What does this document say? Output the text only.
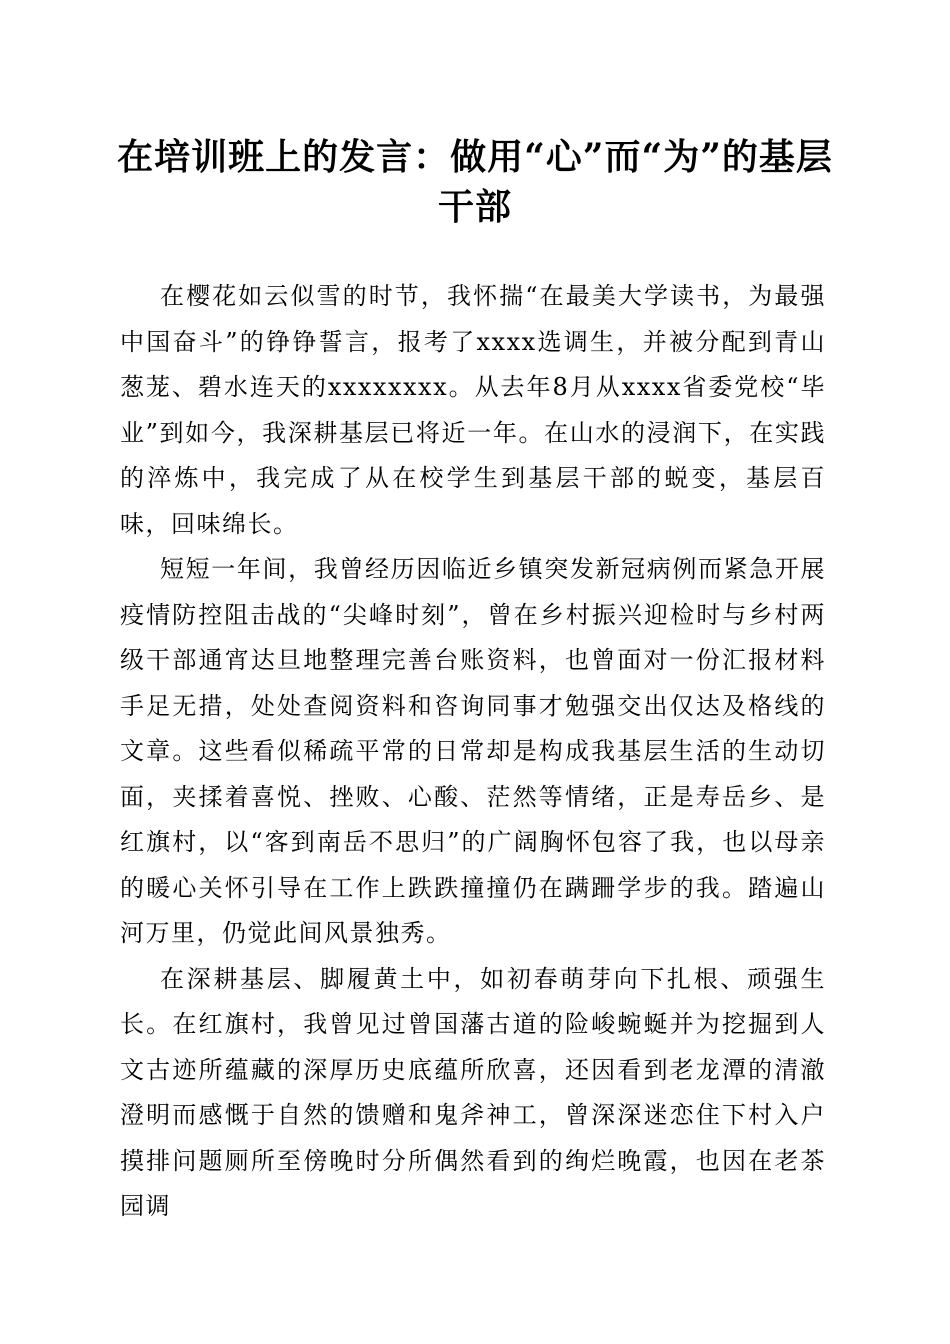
在培训班上的发言：做用“心”而“为”的基层干部

在樱花如云似雪的时节，我怀揣“在最美大学读书，为最强中国奋斗”的铮铮誓言，报考了xxxx选调生，并被分配到青山葱茏、碧水连天的xxxxxxxx。从去年8月从xxxx省委党校“毕业”到如今，我深耕基层已将近一年。在山水的浸润下，在实践的淬炼中，我完成了从在校学生到基层干部的蜕变，基层百味，回味绵长。

短短一年间，我曾经历因临近乡镇突发新冠病例而紧急开展疫情防控阻击战的“尖峰时刻”，曾在乡村振兴迎检时与乡村两级干部通宵达旦地整理完善台账资料，也曾面对一份汇报材料手足无措，处处查阅资料和咨询同事才勉强交出仅达及格线的文章。这些看似稀疏平常的日常却是构成我基层生活的生动切面，夹揉着喜悦、挫败、心酸、茫然等情绪，正是寿岳乡、是红旗村，以“客到南岳不思归”的广阔胸怀包容了我，也以母亲的暖心关怀引导在工作上跌跌撞撞仍在蹒跚学步的我。踏遍山河万里，仍觉此间风景独秀。

在深耕基层、脚履黄土中，如初春萌芽向下扎根、顽强生长。在红旗村，我曾见过曾国藩古道的险峻蜿蜒并为挖掘到人文古迹所蕴藏的深厚历史底蕴所欣喜，还因看到老龙潭的清澈澄明而感慨于自然的馈赠和鬼斧神工，曾深深迷恋住下村入户摸排问题厕所至傍晚时分所偶然看到的绚烂晚霞，也因在老茶园调
